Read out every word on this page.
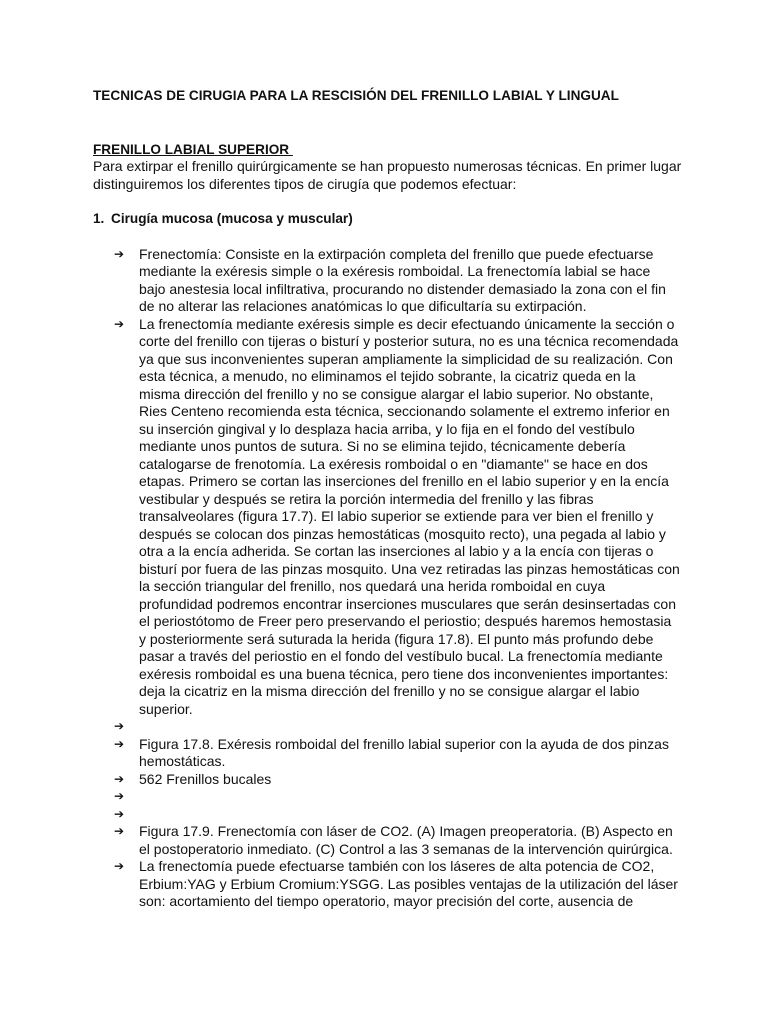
TECNICAS DE CIRUGIA PARA LA RESCISIÓN DEL FRENILLO LABIAL Y LINGUAL
FRENILLO LABIAL SUPERIOR

Para extirpar el frenillo quirúrgicamente se han propuesto numerosas técnicas. En primer lugar distinguiremos los diferentes tipos de cirugía que podemos efectuar:

1. Cirugía mucosa (mucosa y muscular)
➔	Frenectomía: Consiste en la extirpación completa del frenillo que puede efectuarse mediante la exéresis simple o la exéresis romboidal. La frenectomía labial se hace bajo anestesia local infiltrativa, procurando no distender demasiado la zona con el fin de no alterar las relaciones anatómicas lo que dificultaría su extirpación.
➔	La frenectomía mediante exéresis simple es decir efectuando únicamente la sección o corte del frenillo con tijeras o bisturí y posterior sutura, no es una técnica recomendada ya que sus inconvenientes superan ampliamente la simplicidad de su realización. Con esta técnica, a menudo, no eliminamos el tejido sobrante, la cicatriz queda en la misma dirección del frenillo y no se consigue alargar el labio superior. No obstante, Ries Centeno recomienda esta técnica, seccionando solamente el extremo inferior en su inserción gingival y lo desplaza hacia arriba, y lo fija en el fondo del vestíbulo mediante unos puntos de sutura. Si no se elimina tejido, técnicamente debería catalogarse de frenotomía. La exéresis romboidal o en "diamante" se hace en dos etapas. Primero se cortan las inserciones del frenillo en el labio superior y en la encía vestibular y después se retira la porción intermedia del frenillo y las fibras transalveolares (figura 17.7). El labio superior se extiende para ver bien el frenillo y después se colocan dos pinzas hemostáticas (mosquito recto), una pegada al labio y otra a la encía adherida. Se cortan las inserciones al labio y a la encía con tijeras o bisturí por fuera de las pinzas mosquito. Una vez retiradas las pinzas hemostáticas con la sección triangular del frenillo, nos quedará una herida romboidal en cuya profundidad podremos encontrar inserciones musculares que serán desinsertadas con el periostótomo de Freer pero preservando el periostio; después haremos hemostasia y posteriormente será suturada la herida (figura 17.8). El punto más profundo debe pasar a través del periostio en el fondo del vestíbulo bucal. La frenectomía mediante exéresis romboidal es una buena técnica, pero tiene dos inconvenientes importantes: deja la cicatriz en la misma dirección del frenillo y no se consigue alargar el labio superior.
➔
➔	Figura 17.8. Exéresis romboidal del frenillo labial superior con la ayuda de dos pinzas hemostáticas.
➔	562 Frenillos bucales
➔
➔
➔	Figura 17.9. Frenectomía con láser de CO2. (A) Imagen preoperatoria. (B) Aspecto en el postoperatorio inmediato. (C) Control a las 3 semanas de la intervención quirúrgica.
➔	La frenectomía puede efectuarse también con los láseres de alta potencia de CO2, Erbium:YAG y Erbium Cromium:YSGG. Las posibles ventajas de la utilización del láser son: acortamiento del tiempo operatorio, mayor precisión del corte, ausencia de
